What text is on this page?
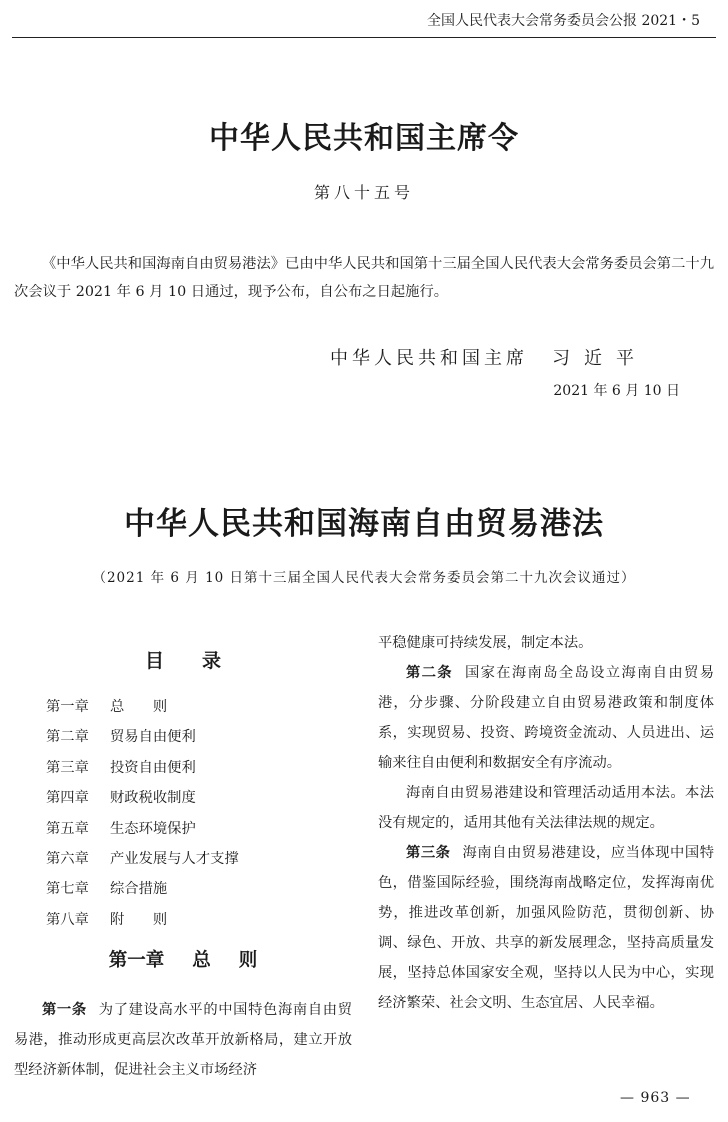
全国人民代表大会常务委员会公报 2021・5
中华人民共和国主席令
第八十五号

《中华人民共和国海南自由贸易港法》已由中华人民共和国第十三届全国人民代表大会常务委员会第二十九次会议于 2021 年 6 月 10 日通过，现予公布，自公布之日起施行。

中华人民共和国主席 习近平
2021 年 6 月 10 日
中华人民共和国海南自由贸易港法
（2021 年 6 月 10 日第十三届全国人民代表大会常务委员会第二十九次会议通过）
目录
第一章 总　　则
第二章 贸易自由便利
第三章 投资自由便利
第四章 财政税收制度
第五章 生态环境保护
第六章 产业发展与人才支撑
第七章 综合措施
第八章 附　　则
第一章 总 则

第一条 为了建设高水平的中国特色海南自由贸易港，推动形成更高层次改革开放新格局，建立开放型经济新体制，促进社会主义市场经济

平稳健康可持续发展，制定本法。

第二条 国家在海南岛全岛设立海南自由贸易港，分步骤、分阶段建立自由贸易港政策和制度体系，实现贸易、投资、跨境资金流动、人员进出、运输来往自由便利和数据安全有序流动。

海南自由贸易港建设和管理活动适用本法。本法没有规定的，适用其他有关法律法规的规定。

第三条 海南自由贸易港建设，应当体现中国特色，借鉴国际经验，围绕海南战略定位，发挥海南优势，推进改革创新，加强风险防范，贯彻创新、协调、绿色、开放、共享的新发展理念，坚持高质量发展，坚持总体国家安全观，坚持以人民为中心，实现经济繁荣、社会文明、生态宜居、人民幸福。

— 963 —
